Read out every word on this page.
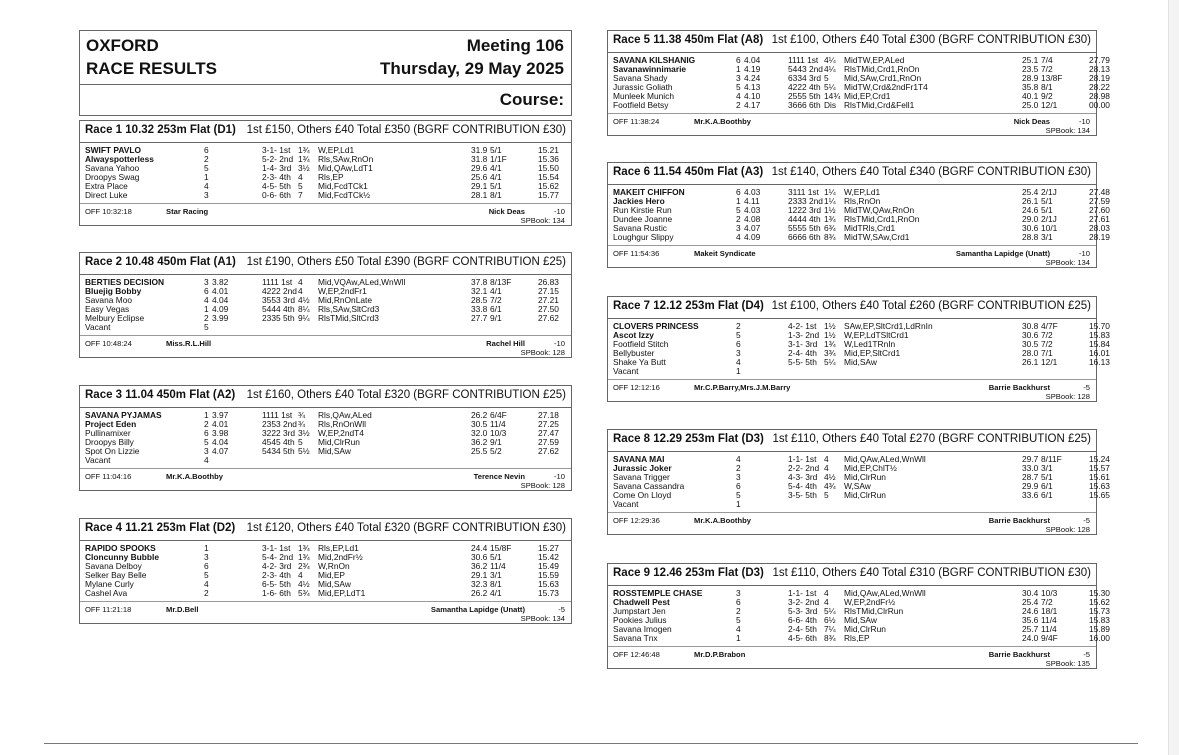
OXFORD
RACE RESULTS
Meeting 106
Thursday, 29 May 2025
Course:
Race 1 10.32 253m Flat (D1) 1st £150, Others £40 Total £350 (BGRF CONTRIBUTION £30)
SWIFT PAVLO	6	3-1- 1st 1¾ W,EP,Ld1	31.9 5/1	15.21
Alwayspotterless	2	5-2- 2nd 1¾ Rls,SAw,RnOn	31.8 1/1F	15.36
Savana Yahoo	5	1-4- 3rd 3½ Mid,QAw,LdT1	29.6 4/1	15.50
Droopys Swag	1	2-3- 4th 4 Rls,EP	25.6 4/1	15.54
Extra Place	4	4-5- 5th 5 Mid,FcdTCk1	29.1 5/1	15.62
Direct Luke	3	0-6- 6th 7 Mid,FcdTCk½	28.1 8/1	15.77
OFF 10:32:18	Star Racing	Nick Deas	-10
SPBook: 134
Race 2 10.48 450m Flat (A1) 1st £190, Others £50 Total £390 (BGRF CONTRIBUTION £25)
BERTIES DECISION	3 3.82	1111 1st 4 Mid,VQAw,ALed,WnWll	37.8 8/13F	26.83
Bluejig Bobby	6 4.01	4222 2nd 4 W,EP,2ndFr1	32.1 4/1	27.15
Savana Moo	4 4.04	3553 3rd 4½ Mid,RnOnLate	28.5 7/2	27.21
Easy Vegas	1 4.09	5444 4th 8¼ Rls,SAw,SltCrd3	33.8 6/1	27.50
Melbury Eclipse	2 3.99	2335 5th 9¼ RlsTMid,SltCrd3	27.7 9/1	27.62
Vacant	5
OFF 10:48:24	Miss.R.L.Hill	Rachel Hill	-10
SPBook: 128
Race 3 11.04 450m Flat (A2) 1st £160, Others £40 Total £320 (BGRF CONTRIBUTION £25)
SAVANA PYJAMAS	1 3.97	1111 1st ¾ Rls,QAw,ALed	26.2 6/4F	27.18
Project Eden	2 4.01	2353 2nd ¾ Rls,RnOnWll	30.5 11/4	27.25
Pullinamixer	6 3.98	3222 3rd 3½ W,EP,2ndT4	32.0 10/3	27.47
Droopys Billy	5 4.04	4545 4th 5 Mid,ClrRun	36.2 9/1	27.59
Spot On Lizzie	3 4.07	5434 5th 5½ Mid,SAw	25.5 5/2	27.62
Vacant	4
OFF 11:04:16	Mr.K.A.Boothby	Terence Nevin	-10
SPBook: 128
Race 4 11.21 253m Flat (D2) 1st £120, Others £40 Total £320 (BGRF CONTRIBUTION £30)
RAPIDO SPOOKS	1	3-1- 1st 1¾ Rls,EP,Ld1	24.4 15/8F	15.27
Cloncunny Bubble	3	5-4- 2nd 1¾ Mid,2ndFr½	30.6 5/1	15.42
Savana Delboy	6	4-2- 3rd 2¾ W,RnOn	36.2 11/4	15.49
Selker Bay Belle	5	2-3- 4th 4 Mid,EP	29.1 3/1	15.59
Mylane Curly	4	6-5- 5th 4½ Mid,SAw	32.3 8/1	15.63
Cashel Ava	2	1-6- 6th 5¾ Mid,EP,LdT1	26.2 4/1	15.73
OFF 11:21:18	Mr.D.Bell	Samantha Lapidge (Unatt)	-5
SPBook: 134
Race 5 11.38 450m Flat (A8) 1st £100, Others £40 Total £300 (BGRF CONTRIBUTION £30)
SAVANA KILSHANIG	6 4.04	1111 1st 4¼ MidTW,EP,ALed	25.1 7/4	27.79
Savanawinnimarie	1 4.19	5443 2nd 4¼ RlsTMid,Crd1,RnOn	23.5 7/2	28.13
Savana Shady	3 4.24	6334 3rd 5 Mid,SAw,Crd1,RnOn	28.9 13/8F	28.19
Jurassic Goliath	5 4.13	4222 4th 5¼ MidTW,Crd&2ndFr1T4	35.8 8/1	28.22
Munleek Munich	4 4.10	2555 5th 14¾ Mid,EP,Crd1	40.1 9/2	28.98
Footfield Betsy	2 4.17	3666 6th Dis RlsTMid,Crd&Fell1	25.0 12/1	00.00
OFF 11:38:24	Mr.K.A.Boothby	Nick Deas	-10
SPBook: 134
Race 6 11.54 450m Flat (A3) 1st £140, Others £40 Total £340 (BGRF CONTRIBUTION £30)
MAKEIT CHIFFON	6 4.03	3111 1st 1¼ W,EP,Ld1	25.4 2/1J	27.48
Jackies Hero	1 4.11	2333 2nd 1¼ Rls,RnOn	26.1 5/1	27.59
Run Kirstie Run	5 4.03	1222 3rd 1½ MidTW,QAw,RnOn	24.6 5/1	27.60
Dundee Joanne	2 4.08	4444 4th 1¾ RlsTMid,Crd1,RnOn	29.0 2/1J	27.61
Savana Rustic	3 4.07	5555 5th 6¾ MidTRls,Crd1	30.6 10/1	28.03
Loughgur Slippy	4 4.09	6666 6th 8¾ MidTW,SAw,Crd1	28.8 3/1	28.19
OFF 11:54:36	Makeit Syndicate	Samantha Lapidge (Unatt)	-10
SPBook: 134
Race 7 12.12 253m Flat (D4) 1st £100, Others £40 Total £260 (BGRF CONTRIBUTION £25)
CLOVERS PRINCESS	2	4-2- 1st 1½ SAw,EP,SltCrd1,LdRnIn	30.8 4/7F	15.70
Ascot Izzy	5	1-3- 2nd 1½ W,EP,LdTSltCrd1	30.6 7/2	15.83
Footfield Stitch	6	3-1- 3rd 1¾ W,Led1TRnIn	30.5 7/2	15.84
Bellybuster	3	2-4- 4th 3¾ Mid,EP,SltCrd1	28.0 7/1	16.01
Shake Ya Butt	4	5-5- 5th 5¼ Mid,SAw	26.1 12/1	16.13
Vacant	1
OFF 12:12:16	Mr.C.P.Barry,Mrs.J.M.Barry	Barrie Backhurst	-5
SPBook: 128
Race 8 12.29 253m Flat (D3) 1st £110, Others £40 Total £270 (BGRF CONTRIBUTION £25)
SAVANA MAI	4	1-1- 1st 4 Mid,QAw,ALed,WnWll	29.7 8/11F	15.24
Jurassic Joker	2	2-2- 2nd 4 Mid,EP,ChlT½	33.0 3/1	15.57
Savana Trigger	3	4-3- 3rd 4½ Mid,ClrRun	28.7 5/1	15.61
Savana Cassandra	6	5-4- 4th 4¾ W,SAw	29.9 6/1	15.63
Come On Lloyd	5	3-5- 5th 5 Mid,ClrRun	33.6 6/1	15.65
Vacant	1
OFF 12:29:36	Mr.K.A.Boothby	Barrie Backhurst	-5
SPBook: 128
Race 9 12.46 253m Flat (D3) 1st £110, Others £40 Total £310 (BGRF CONTRIBUTION £30)
ROSSTEMPLE CHASE	3	1-1- 1st 4 Mid,QAw,ALed,WnWll	30.4 10/3	15.30
Chadwell Pest	6	3-2- 2nd 4 W,EP,2ndFr½	25.4 7/2	15.62
Jumpstart Jen	2	5-3- 3rd 5¼ RlsTMid,ClrRun	24.6 18/1	15.73
Pookies Julius	5	6-6- 4th 6½ Mid,SAw	35.6 11/4	15.83
Savana Imogen	4	2-4- 5th 7¼ Mid,ClrRun	25.7 11/4	15.89
Savana Tnx	1	4-5- 6th 8¾ Rls,EP	24.0 9/4F	16.00
OFF 12:46:48	Mr.D.P.Brabon	Barrie Backhurst	-5
SPBook: 135
